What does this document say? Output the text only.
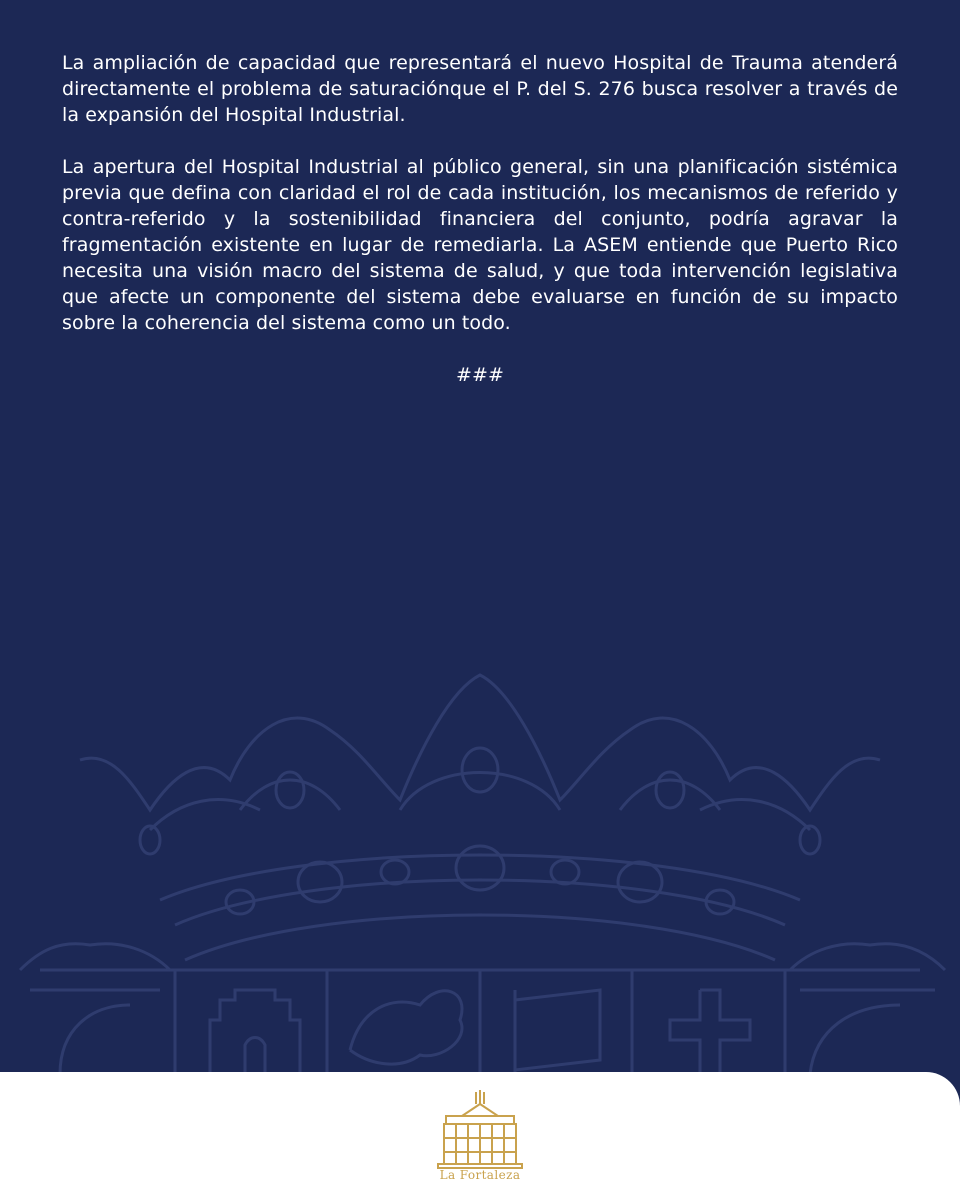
La ampliación de capacidad que representará el nuevo Hospital de Trauma atenderá directamente el problema de saturaciónque el P. del S. 276 busca resolver a través de la expansión del Hospital Industrial.

La apertura del Hospital Industrial al público general, sin una planificación sistémica previa que defina con claridad el rol de cada institución, los mecanismos de referido y contra-referido y la sostenibilidad financiera del conjunto, podría agravar la fragmentación existente en lugar de remediarla. La ASEM entiende que Puerto Rico necesita una visión macro del sistema de salud, y que toda intervención legislativa que afecte un componente del sistema debe evaluarse en función de su impacto sobre la coherencia del sistema como un todo.

###
La Fortaleza
